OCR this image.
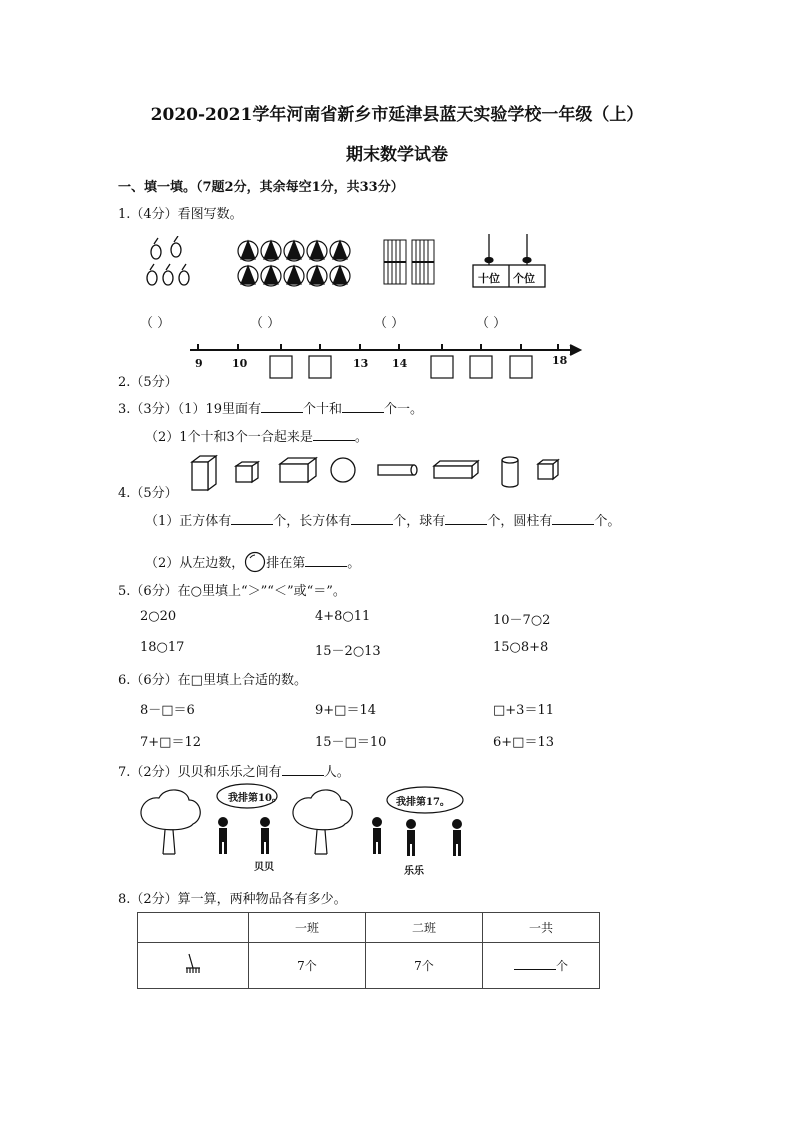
2020-2021学年河南省新乡市延津县蓝天实验学校一年级（上）
期末数学试卷
一、填一填。（7题2分，其余每空1分，共33分）
1.（4分）看图写数。
十位 个位
（ ）	（ ）	（ ）	（ ）
2.（5分）
9	10	13 14	18
3.（3分）（1）19里面有	个十和	个一。
（2）1个十和3个一合起来是	。
4.（5分）
（1）正方体有	个，长方体有	个，球有	个，圆柱有	个。
（2）从左边数， 排在第	。
5.（6分）在○里填上“＞”“＜”或“＝”。
2○20	4+8○11	10－7○2
18○17	15－2○13	15○8+8
6.（6分）在□里填上合适的数。
8－□＝6	9+□＝14	□+3＝11
7+□＝12	15－□＝10	6+□＝13
7.（2分）贝贝和乐乐之间有	人。
我排第10。	我排第17。
贝贝	乐乐
8.（2分）算一算，两种物品各有多少。
	一班	二班	一共
	7个	7个	个
